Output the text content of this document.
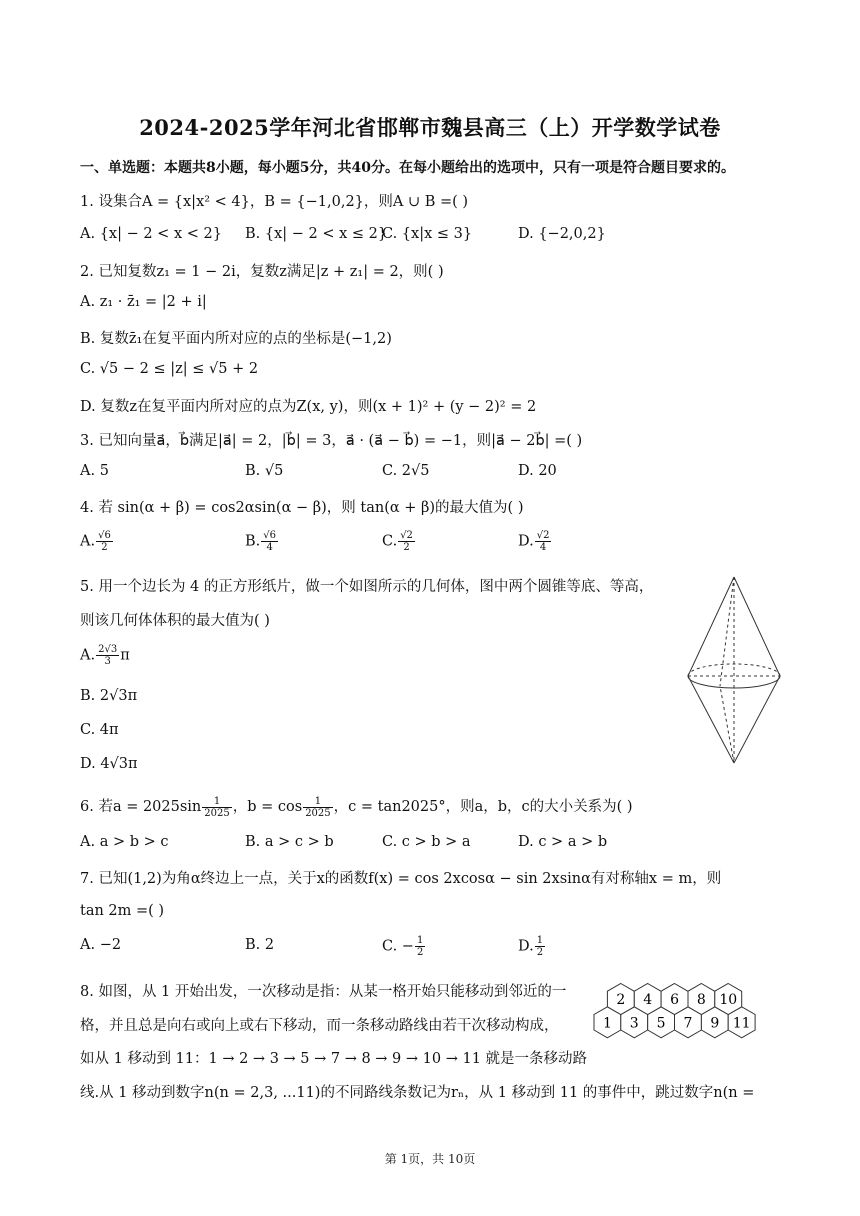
2024-2025学年河北省邯郸市魏县高三（上）开学数学试卷
一、单选题：本题共8小题，每小题5分，共40分。在每小题给出的选项中，只有一项是符合题目要求的。
1. 设集合A = {x|x² < 4}，B = {−1,0,2}，则A ∪ B =( )
A. {x| − 2 < x < 2} B. {x| − 2 < x ≤ 2}
C. {x|x ≤ 3}	D. {−2,0,2}
2. 已知复数z₁ = 1 − 2i，复数z满足|z + z₁| = 2，则( )
A. z₁ · z̄₁ = |2 + i|
B. 复数z̄₁在复平面内所对应的点的坐标是(−1,2)
C. √5 − 2 ≤ |z| ≤ √5 + 2
D. 复数z在复平面内所对应的点为Z(x, y)，则(x + 1)² + (y − 2)² = 2
3. 已知向量a⃗，b⃗满足|a⃗| = 2，|b⃗| = 3，a⃗ · (a⃗ − b⃗) = −1，则|a⃗ − 2b⃗| =( )
A. 5	B. √5	C. 2√5	D. 20
4. 若 sin(α + β) = cos2αsin(α − β)，则 tan(α + β)的最大值为( )
A. $\frac{√6}{2}$	B. $\frac{√6}{4}$	C. $\frac{√2}{2}$	D. $\frac{√2}{4}$
5. 用一个边长为 4 的正方形纸片，做一个如图所示的几何体，图中两个圆锥等底、等高，
则该几何体体积的最大值为( )
A. $\frac{2√3}{3}$ π
B. 2√3π
C. 4π
D. 4√3π
6. 若$a = 2025\sin \frac{1}{2025}$ ，$b = \cos \frac{1}{2025}$ ，c = tan2025°，则a，b，c的大小关系为( )
A. a > b > c	B. a > c > b	C. c > b > a	D. c > a > b
7. 已知(1,2)为角α终边上一点，关于x的函数f(x) = cos 2xcosα − sin 2xsinα有对称轴x = m，则
tan 2m =( )
A. −2	B. 2	C. − $\frac{1}{2}$	D. $\frac{1}{2}$
8. 如图，从 1 开始出发，一次移动是指：从某一格开始只能移动到邻近的一
格，并且总是向右或向上或右下移动，而一条移动路线由若干次移动构成，
如从 1 移动到 11：1 → 2 → 3 → 5 → 7 → 8 → 9 → 10 → 11 就是一条移动路
线.从 1 移动到数字n(n = 2,3, ...11)的不同路线条数记为rₙ，从 1 移动到 11 的事件中，跳过数字n(n =
1 3 5 7 9 11
2 4 6 8 10
第 1页，共 10页
